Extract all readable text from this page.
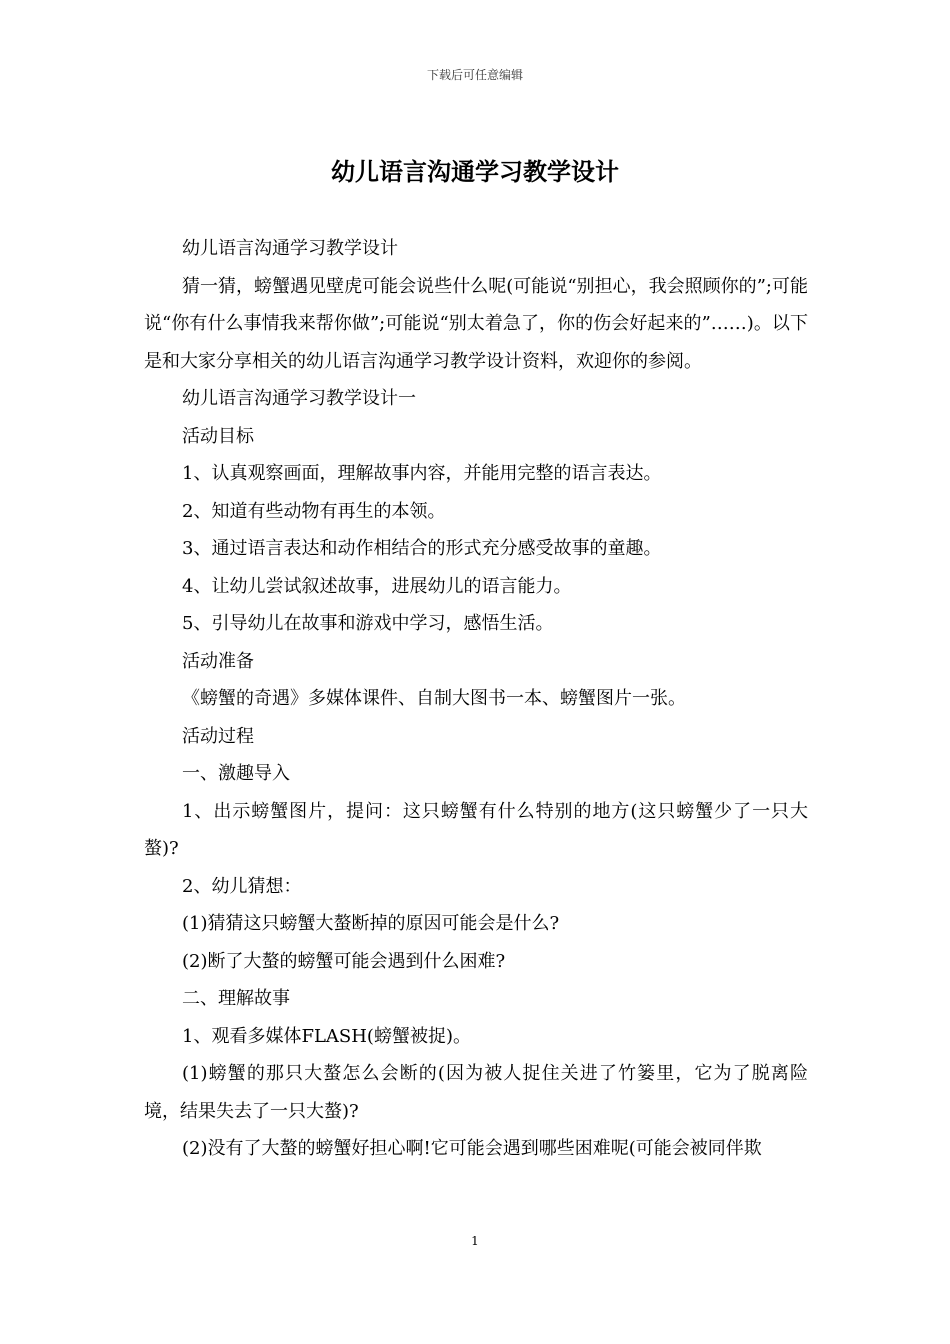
下载后可任意编辑
幼儿语言沟通学习教学设计

幼儿语言沟通学习教学设计

猜一猜，螃蟹遇见壁虎可能会说些什么呢(可能说“别担心，我会照顾你的”;可能说“你有什么事情我来帮你做”;可能说“别太着急了，你的伤会好起来的”……)。以下是和大家分享相关的幼儿语言沟通学习教学设计资料，欢迎你的参阅。

幼儿语言沟通学习教学设计一

活动目标

1、认真观察画面，理解故事内容，并能用完整的语言表达。

2、知道有些动物有再生的本领。

3、通过语言表达和动作相结合的形式充分感受故事的童趣。

4、让幼儿尝试叙述故事，进展幼儿的语言能力。

5、引导幼儿在故事和游戏中学习，感悟生活。

活动准备

《螃蟹的奇遇》多媒体课件、自制大图书一本、螃蟹图片一张。

活动过程

一、激趣导入

1、出示螃蟹图片，提问：这只螃蟹有什么特别的地方(这只螃蟹少了一只大螯)?

2、幼儿猜想：

(1)猜猜这只螃蟹大螯断掉的原因可能会是什么?

(2)断了大螯的螃蟹可能会遇到什么困难?

二、理解故事

1、观看多媒体FLASH(螃蟹被捉)。

(1)螃蟹的那只大螯怎么会断的(因为被人捉住关进了竹篓里，它为了脱离险境，结果失去了一只大螯)?

(2)没有了大螯的螃蟹好担心啊!它可能会遇到哪些困难呢(可能会被同伴欺

1
